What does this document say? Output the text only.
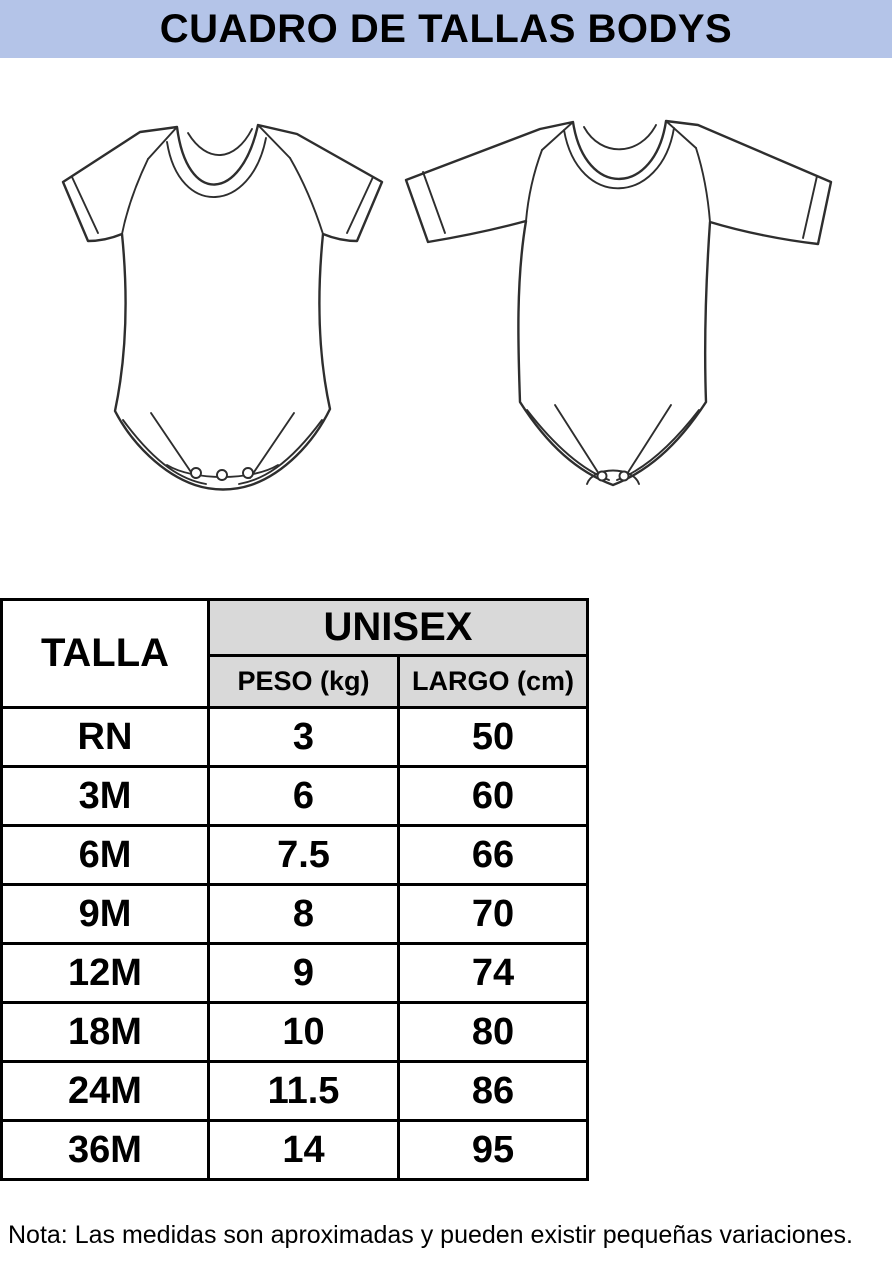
CUADRO DE TALLAS BODYS
TALLA	UNISEX	
	PESO (kg)	LARGO (cm)
RN	3	50
3M	6	60
6M	7.5	66
9M	8	70
12M	9	74
18M	10	80
24M	11.5	86
36M	14	95

Nota: Las medidas son aproximadas y pueden existir pequeñas variaciones.
